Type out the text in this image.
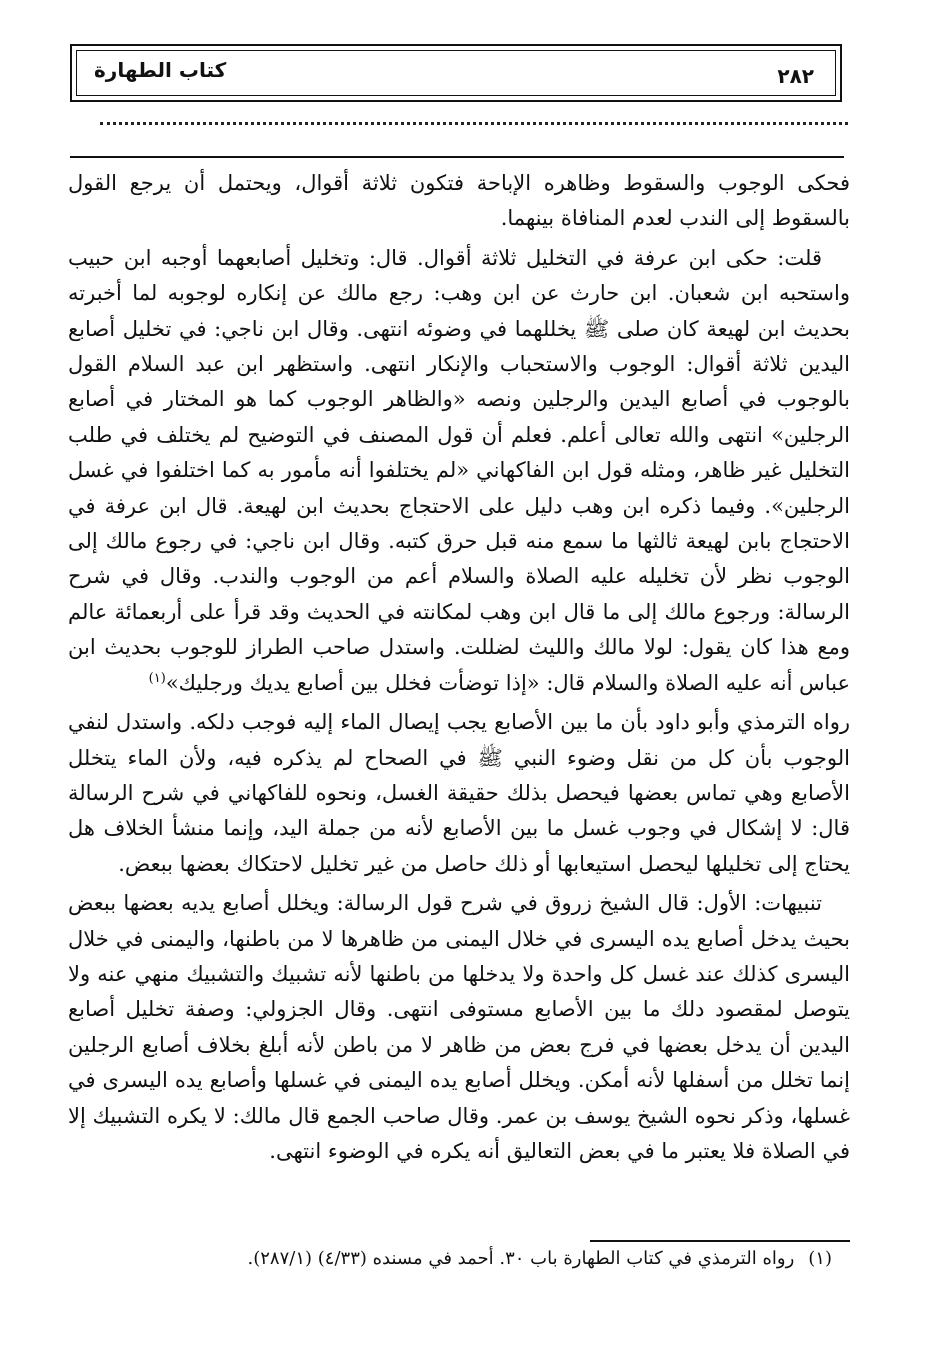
٢٨٢
كتاب الطهارة

فحكى الوجوب والسقوط وظاهره الإباحة فتكون ثلاثة أقوال، ويحتمل أن يرجع القول بالسقوط إلى الندب لعدم المنافاة بينهما.

قلت: حكى ابن عرفة في التخليل ثلاثة أقوال. قال: وتخليل أصابعهما أوجبه ابن حبيب واستحبه ابن شعبان. ابن حارث عن ابن وهب: رجع مالك عن إنكاره لوجوبه لما أخبرته بحديث ابن لهيعة كان صلى ﷺ يخللهما في وضوئه انتهى. وقال ابن ناجي: في تخليل أصابع اليدين ثلاثة أقوال: الوجوب والاستحباب والإنكار انتهى. واستظهر ابن عبد السلام القول بالوجوب في أصابع اليدين والرجلين ونصه «والظاهر الوجوب كما هو المختار في أصابع الرجلين» انتهى والله تعالى أعلم. فعلم أن قول المصنف في التوضيح لم يختلف في طلب التخليل غير ظاهر، ومثله قول ابن الفاكهاني «لم يختلفوا أنه مأمور به كما اختلفوا في غسل الرجلين». وفيما ذكره ابن وهب دليل على الاحتجاج بحديث ابن لهيعة. قال ابن عرفة في الاحتجاج بابن لهيعة ثالثها ما سمع منه قبل حرق كتبه. وقال ابن ناجي: في رجوع مالك إلى الوجوب نظر لأن تخليله عليه الصلاة والسلام أعم من الوجوب والندب. وقال في شرح الرسالة: ورجوع مالك إلى ما قال ابن وهب لمكانته في الحديث وقد قرأ على أربعمائة عالم ومع هذا كان يقول: لولا مالك والليث لضللت. واستدل صاحب الطراز للوجوب بحديث ابن عباس أنه عليه الصلاة والسلام قال: «إذا توضأت فخلل بين أصابع يديك ورجليك»$^{(١)}$

رواه الترمذي وأبو داود بأن ما بين الأصابع يجب إيصال الماء إليه فوجب دلكه. واستدل لنفي الوجوب بأن كل من نقل وضوء النبي ﷺ في الصحاح لم يذكره فيه، ولأن الماء يتخلل الأصابع وهي تماس بعضها فيحصل بذلك حقيقة الغسل، ونحوه للفاكهاني في شرح الرسالة قال: لا إشكال في وجوب غسل ما بين الأصابع لأنه من جملة اليد، وإنما منشأ الخلاف هل يحتاج إلى تخليلها ليحصل استيعابها أو ذلك حاصل من غير تخليل لاحتكاك بعضها ببعض.

تنبيهات: الأول: قال الشيخ زروق في شرح قول الرسالة: ويخلل أصابع يديه بعضها ببعض بحيث يدخل أصابع يده اليسرى في خلال اليمنى من ظاهرها لا من باطنها، واليمنى في خلال اليسرى كذلك عند غسل كل واحدة ولا يدخلها من باطنها لأنه تشبيك والتشبيك منهي عنه ولا يتوصل لمقصود دلك ما بين الأصابع مستوفى انتهى. وقال الجزولي: وصفة تخليل أصابع اليدين أن يدخل بعضها في فرج بعض من ظاهر لا من باطن لأنه أبلغ بخلاف أصابع الرجلين إنما تخلل من أسفلها لأنه أمكن. ويخلل أصابع يده اليمنى في غسلها وأصابع يده اليسرى في غسلها، وذكر نحوه الشيخ يوسف بن عمر. وقال صاحب الجمع قال مالك: لا يكره التشبيك إلا في الصلاة فلا يعتبر ما في بعض التعاليق أنه يكره في الوضوء انتهى.

(١)رواه الترمذي في كتاب الطهارة باب ٣٠. أحمد في مسنده (٤/٣٣) (٢٨٧/١).
